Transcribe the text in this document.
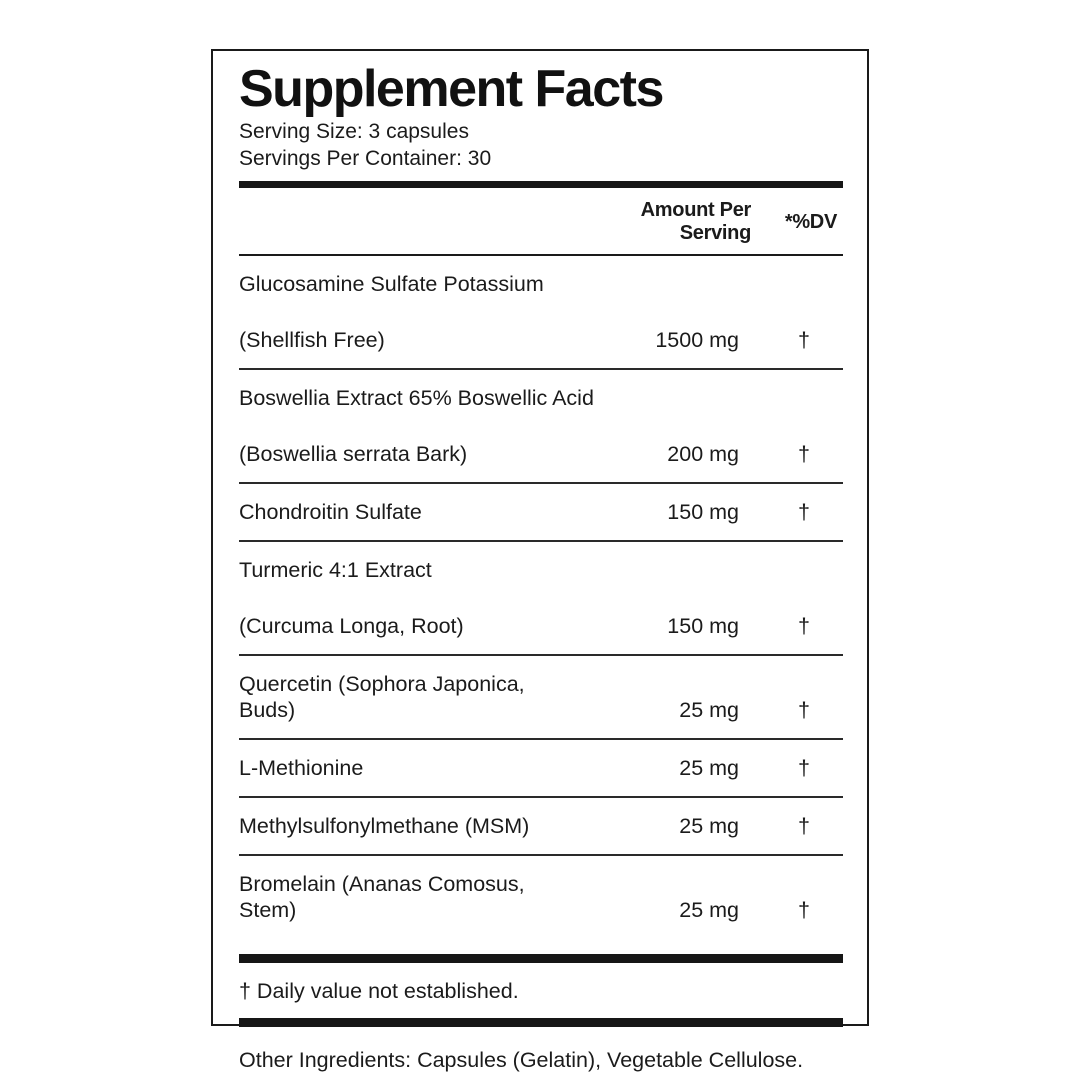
Supplement Facts
Serving Size: 3 capsules
Servings Per Container: 30
Amount Per Serving
*%DV
Glucosamine Sulfate Potassium
(Shellfish Free)	1500 mg	†
Boswellia Extract 65% Boswellic Acid
(Boswellia serrata Bark)	200 mg	†
Chondroitin Sulfate	150 mg	†
Turmeric 4:1 Extract
(Curcuma Longa, Root)	150 mg	†
Quercetin (Sophora Japonica, Buds)	25 mg	†
L-Methionine	25 mg	†
Methylsulfonylmethane (MSM)	25 mg	†
Bromelain (Ananas Comosus, Stem)	25 mg	†
† Daily value not established.
Other Ingredients: Capsules (Gelatin), Vegetable Cellulose.
